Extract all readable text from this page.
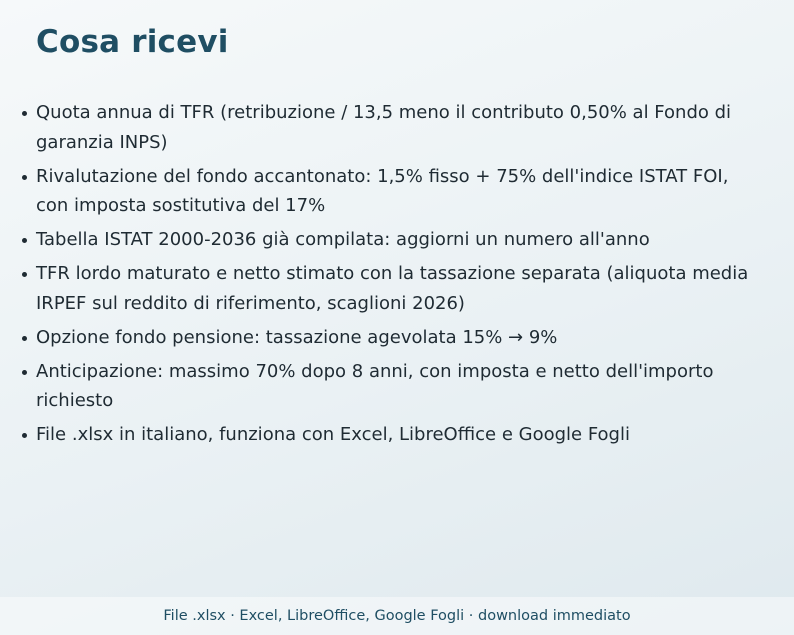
Cosa ricevi
Quota annua di TFR (retribuzione / 13,5 meno il contributo 0,50% al Fondo di garanzia INPS)
Rivalutazione del fondo accantonato: 1,5% fisso + 75% dell'indice ISTAT FOI, con imposta sostitutiva del 17%
Tabella ISTAT 2000-2036 già compilata: aggiorni un numero all'anno
TFR lordo maturato e netto stimato con la tassazione separata (aliquota media IRPEF sul reddito di riferimento, scaglioni 2026)
Opzione fondo pensione: tassazione agevolata 15% → 9%
Anticipazione: massimo 70% dopo 8 anni, con imposta e netto dell'importo richiesto
File .xlsx in italiano, funziona con Excel, LibreOffice e Google Fogli
File .xlsx · Excel, LibreOffice, Google Fogli · download immediato
